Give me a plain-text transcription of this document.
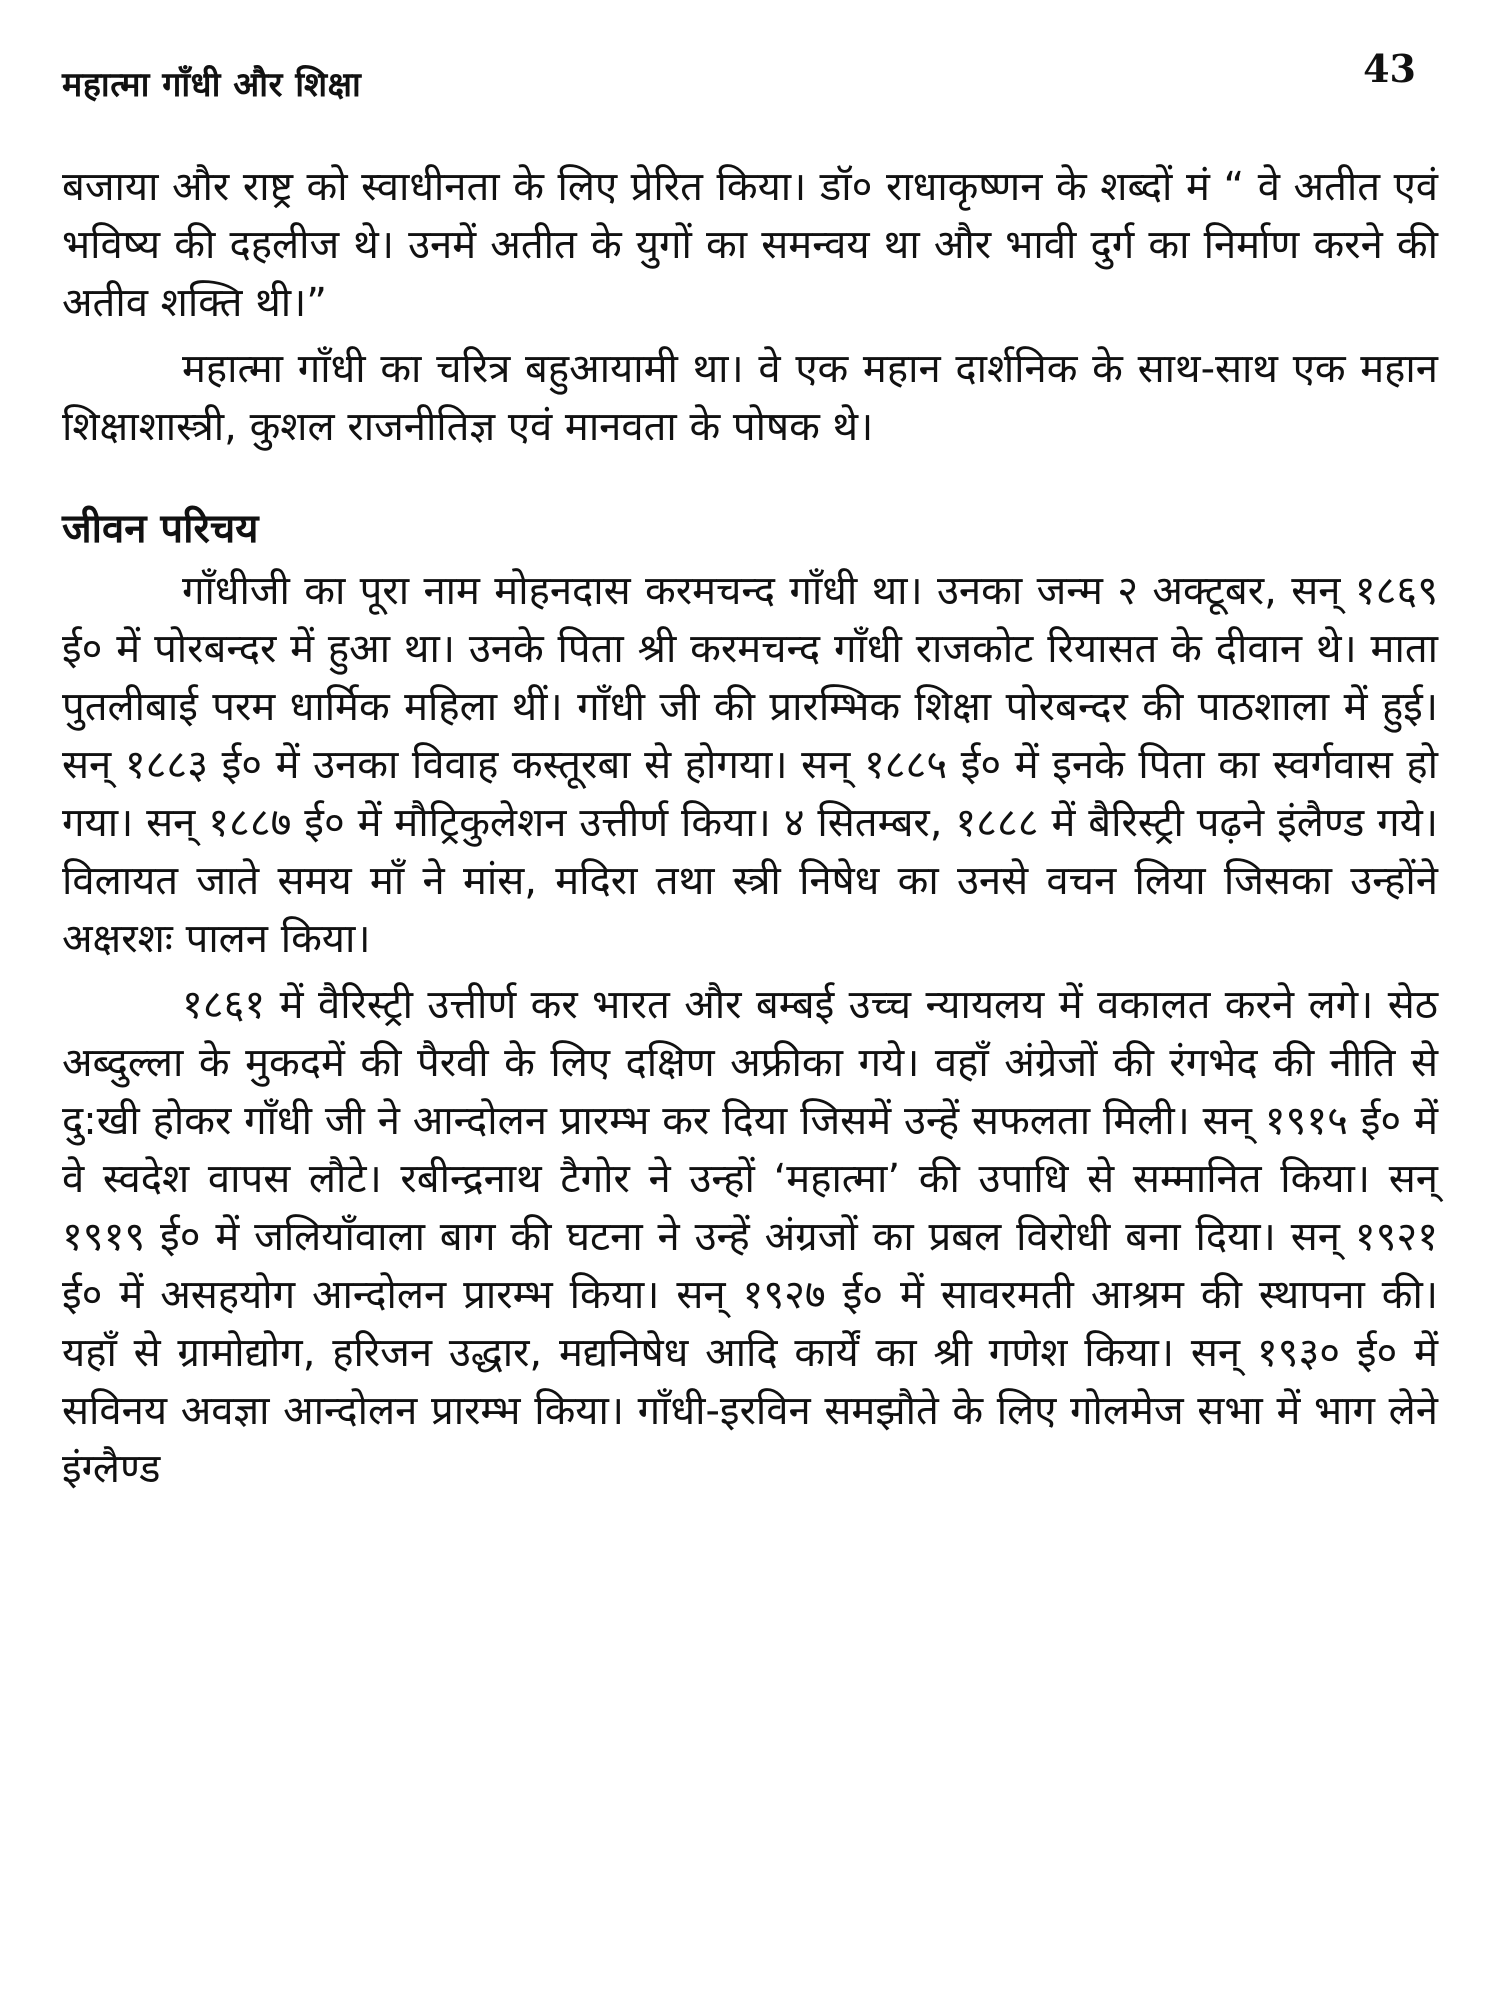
महात्मा गाँधी और शिक्षा	43

बजाया और राष्ट्र को स्वाधीनता के लिए प्रेरित किया। डॉ० राधाकृष्णन के शब्दों मं “ वे अतीत एवं भविष्य की दहलीज थे। उनमें अतीत के युगों का समन्वय था और भावी दुर्ग का निर्माण करने की अतीव शक्ति थी।”

महात्मा गाँधी का चरित्र बहुआयामी था। वे एक महान दार्शनिक के साथ-साथ एक महान शिक्षाशास्त्री, कुशल राजनीतिज्ञ एवं मानवता के पोषक थे।

जीवन परिचय

गाँधीजी का पूरा नाम मोहनदास करमचन्द गाँधी था। उनका जन्म २ अक्टूबर, सन् १८६९ ई० में पोरबन्दर में हुआ था। उनके पिता श्री करमचन्द गाँधी राजकोट रियासत के दीवान थे। माता पुतलीबाई परम धार्मिक महिला थीं। गाँधी जी की प्रारम्भिक शिक्षा पोरबन्दर की पाठशाला में हुई। सन् १८८३ ई० में उनका विवाह कस्तूरबा से होगया। सन् १८८५ ई० में इनके पिता का स्वर्गवास हो गया। सन् १८८७ ई० में मौट्रिकुलेशन उत्तीर्ण किया। ४ सितम्बर, १८८८ में बैरिस्ट्री पढ़ने इंलैण्ड गये। विलायत जाते समय माँ ने मांस, मदिरा तथा स्त्री निषेध का उनसे वचन लिया जिसका उन्होंने अक्षरशः पालन किया।

१८६१ में वैरिस्ट्री उत्तीर्ण कर भारत और बम्बई उच्च न्यायलय में वकालत करने लगे। सेठ अब्दुल्ला के मुकदमें की पैरवी के लिए दक्षिण अफ्रीका गये। वहाँ अंग्रेजों की रंगभेद की नीति से दु:खी होकर गाँधी जी ने आन्दोलन प्रारम्भ कर दिया जिसमें उन्हें सफलता मिली। सन् १९१५ ई० में वे स्वदेश वापस लौटे। रबीन्द्रनाथ टैगोर ने उन्हों ‘महात्मा’ की उपाधि से सम्मानित किया। सन् १९१९ ई० में जलियाँवाला बाग की घटना ने उन्हें अंग्रजों का प्रबल विरोधी बना दिया। सन् १९२१ ई० में असहयोग आन्दोलन प्रारम्भ किया। सन् १९२७ ई० में सावरमती आश्रम की स्थापना की। यहाँ से ग्रामोद्योग, हरिजन उद्धार, मद्यनिषेध आदि कार्यें का श्री गणेश किया। सन् १९३० ई० में सविनय अवज्ञा आन्दोलन प्रारम्भ किया। गाँधी-इरविन समझौते के लिए गोलमेज सभा में भाग लेने इंग्लैण्ड
